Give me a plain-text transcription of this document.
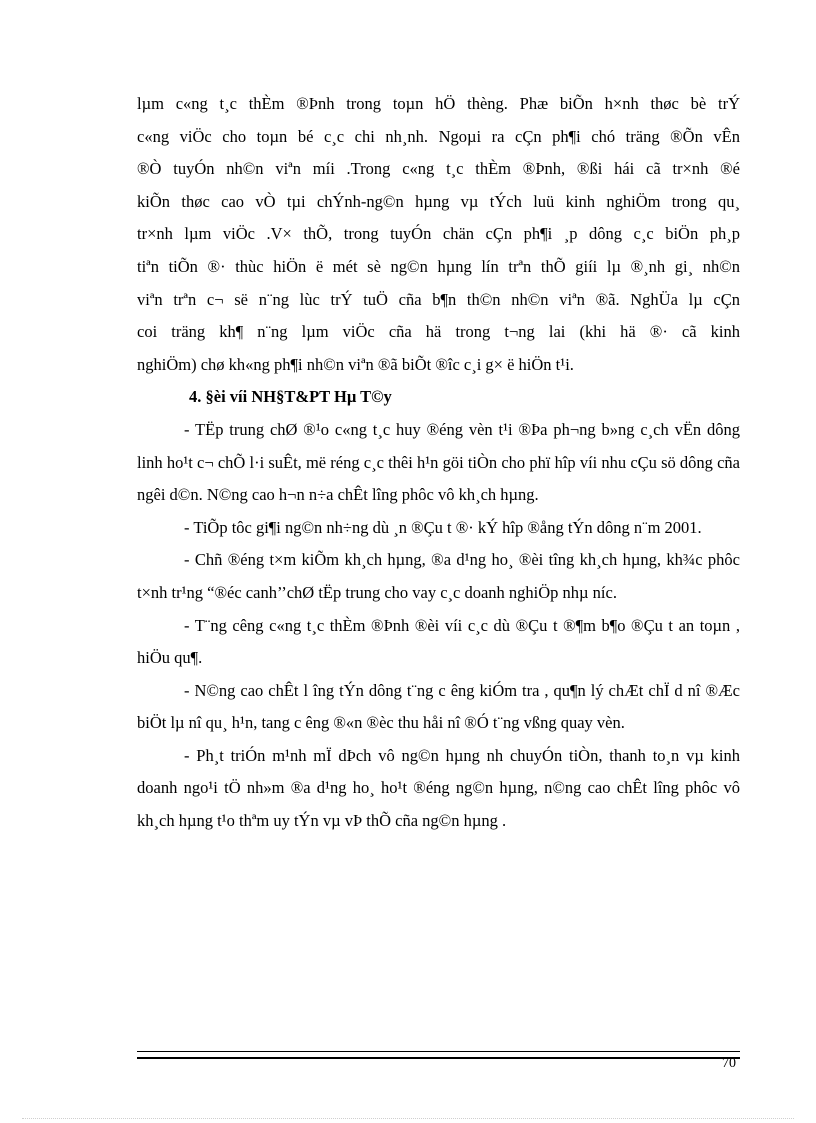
lµm c«ng t¸c thÈm ®Þnh trong toµn hÖ thèng. Phæ biÕn h×nh thøc bè trÝ

c«ng viÖc cho toµn bé c¸c chi nh¸nh. Ngoµi ra cÇn ph¶i chó träng ®Õn vÊn

®Ò tuyÓn nh©n viªn míi .Trong c«ng t¸c thÈm ®Þnh, ®ßi hái cã tr×nh ®é

kiÕn thøc cao vÒ tµi chÝnh-ng©n hµng vµ tÝch luü kinh nghiÖm trong qu¸

tr×nh lµm viÖc .V× thÕ, trong tuyÓn chän cÇn ph¶i ¸p dông c¸c biÖn ph¸p

tiªn tiÕn ®· thùc hiÖn ë mét sè ng©n hµng lín trªn thÕ giíi lµ ®¸nh gi¸ nh©n

viªn trªn c¬ së n¨ng lùc trÝ tuÖ cña b¶n th©n nh©n viªn ®ã. NghÜa lµ cÇn

coi träng kh¶ n¨ng lµm viÖc cña hä trong t¬ng lai (khi hä ®· cã kinh

nghiÖm) chø kh«ng ph¶i nh©n viªn ®ã biÕt ®îc c¸i g× ë hiÖn t¹i.

4. §èi víi NH§T&PT Hµ T©y

- TËp trung chØ ®¹o c«ng t¸c huy ®éng vèn t¹i ®Þa ph¬ng b»ng c¸ch vËn dông linh ho¹t c¬ chÕ l·i suÊt, më réng c¸c thêi h¹n göi tiÒn cho phï hîp víi nhu cÇu sö dông cña ngêi d©n. N©ng cao h¬n n÷a chÊt lîng phôc vô kh¸ch hµng.

- TiÕp tôc gi¶i ng©n nh÷ng dù ¸n ®Çu t ®· kÝ hîp ®ång tÝn dông n¨m 2001.

- Chñ ®éng t×m kiÕm kh¸ch hµng, ®a d¹ng ho¸ ®èi tîng kh¸ch hµng, kh¾c phôc t×nh tr¹ng “®éc canh’’chØ tËp trung cho vay c¸c doanh nghiÖp nhµ níc.

- T¨ng cêng c«ng t¸c thÈm ®Þnh ®èi víi c¸c dù ®Çu t ®¶m b¶o ®Çu t an toµn , hiÖu qu¶.

- N©ng cao chÊt l îng tÝn dông t¨ng c êng kiÓm tra , qu¶n lý chÆt chÏ d nî ®Æc biÖt lµ nî qu¸ h¹n, tang c êng ®«n ®èc thu håi nî ®Ó t¨ng vßng quay vèn.

- Ph¸t triÓn m¹nh mÏ dÞch vô ng©n hµng nh chuyÓn tiÒn, thanh to¸n vµ kinh doanh ngo¹i tÖ nh»m ®a d¹ng ho¸ ho¹t ®éng ng©n hµng, n©ng cao chÊt lîng phôc vô kh¸ch hµng t¹o thªm uy tÝn vµ vÞ thÕ cña ng©n hµng .

70
